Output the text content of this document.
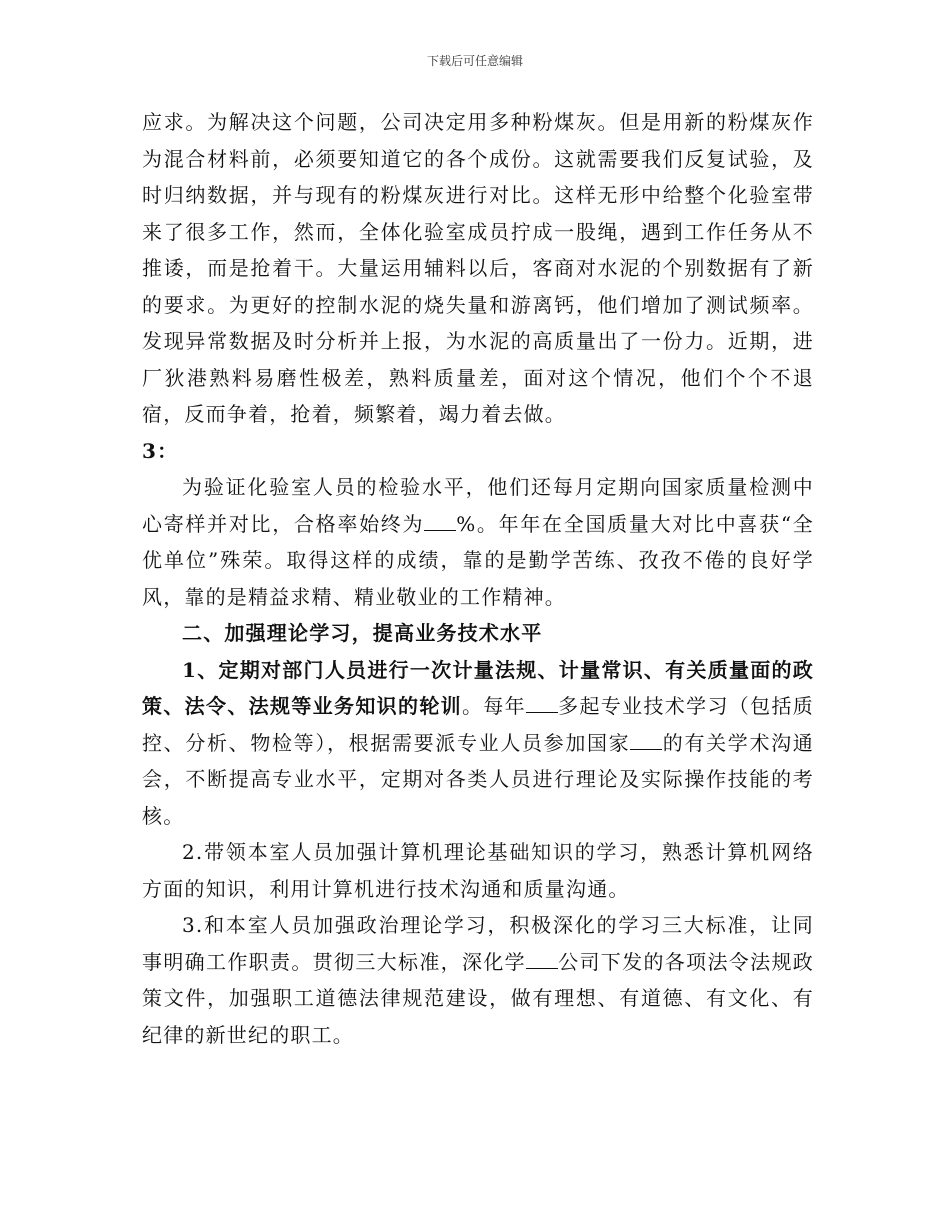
下载后可任意编辑

应求。为解决这个问题，公司决定用多种粉煤灰。但是用新的粉煤灰作为混合材料前，必须要知道它的各个成份。这就需要我们反复试验，及时归纳数据，并与现有的粉煤灰进行对比。这样无形中给整个化验室带来了很多工作，然而，全体化验室成员拧成一股绳，遇到工作任务从不推诿，而是抢着干。大量运用辅料以后，客商对水泥的个别数据有了新的要求。为更好的控制水泥的烧失量和游离钙，他们增加了测试频率。发现异常数据及时分析并上报，为水泥的高质量出了一份力。近期，进厂狄港熟料易磨性极差，熟料质量差，面对这个情况，他们个个不退宿，反而争着，抢着，频繁着，竭力着去做。

3：

为验证化验室人员的检验水平，他们还每月定期向国家质量检测中心寄样并对比，合格率始终为 %。年年在全国质量大对比中喜获“全优单位”殊荣。取得这样的成绩，靠的是勤学苦练、孜孜不倦的良好学风，靠的是精益求精、精业敬业的工作精神。

二、加强理论学习，提高业务技术水平

1、定期对部门人员进行一次计量法规、计量常识、有关质量面的政策、法令、法规等业务知识的轮训。每年 多起专业技术学习（包括质控、分析、物检等），根据需要派专业人员参加国家 的有关学术沟通会，不断提高专业水平，定期对各类人员进行理论及实际操作技能的考核。

2.带领本室人员加强计算机理论基础知识的学习，熟悉计算机网络方面的知识，利用计算机进行技术沟通和质量沟通。

3.和本室人员加强政治理论学习，积极深化的学习三大标准，让同事明确工作职责。贯彻三大标准，深化学 公司下发的各项法令法规政策文件，加强职工道德法律规范建设，做有理想、有道德、有文化、有纪律的新世纪的职工。
